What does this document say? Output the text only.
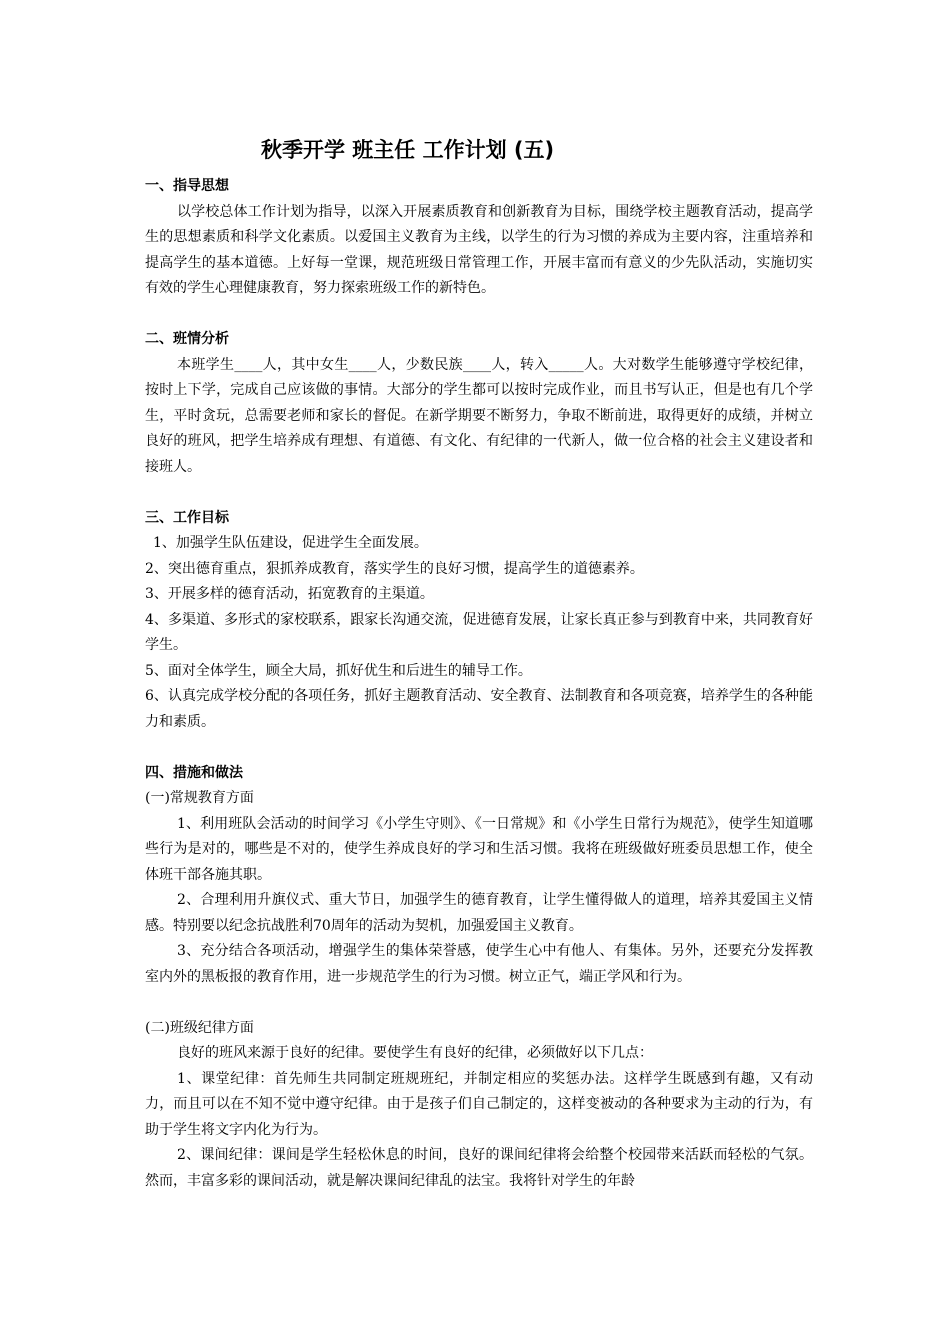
秋季开学 班主任 工作计划 (五)

一、指导思想

以学校总体工作计划为指导，以深入开展素质教育和创新教育为目标，围绕学校主题教育活动，提高学生的思想素质和科学文化素质。以爱国主义教育为主线，以学生的行为习惯的养成为主要内容，注重培养和提高学生的基本道德。上好每一堂课，规范班级日常管理工作，开展丰富而有意义的少先队活动，实施切实有效的学生心理健康教育，努力探索班级工作的新特色。

二、班情分析

本班学生____人，其中女生____人，少数民族____人，转入_____人。大对数学生能够遵守学校纪律，按时上下学，完成自己应该做的事情。大部分的学生都可以按时完成作业，而且书写认正，但是也有几个学生，平时贪玩，总需要老师和家长的督促。在新学期要不断努力，争取不断前进，取得更好的成绩，并树立良好的班风，把学生培养成有理想、有道德、有文化、有纪律的一代新人，做一位合格的社会主义建设者和接班人。

三、工作目标

1、加强学生队伍建设，促进学生全面发展。

2、突出德育重点，狠抓养成教育，落实学生的良好习惯，提高学生的道德素养。

3、开展多样的德育活动，拓宽教育的主渠道。

4、多渠道、多形式的家校联系，跟家长沟通交流，促进德育发展，让家长真正参与到教育中来，共同教育好学生。

5、面对全体学生，顾全大局，抓好优生和后进生的辅导工作。

6、认真完成学校分配的各项任务，抓好主题教育活动、安全教育、法制教育和各项竞赛，培养学生的各种能力和素质。

四、措施和做法

(一)常规教育方面

1、利用班队会活动的时间学习《小学生守则》、《一日常规》和《小学生日常行为规范》，使学生知道哪些行为是对的，哪些是不对的，使学生养成良好的学习和生活习惯。我将在班级做好班委员思想工作，使全体班干部各施其职。

2、合理利用升旗仪式、重大节日，加强学生的德育教育，让学生懂得做人的道理，培养其爱国主义情感。特别要以纪念抗战胜利70周年的活动为契机，加强爱国主义教育。

3、充分结合各项活动，增强学生的集体荣誉感，使学生心中有他人、有集体。另外，还要充分发挥教室内外的黑板报的教育作用，进一步规范学生的行为习惯。树立正气，端正学风和行为。

(二)班级纪律方面

良好的班风来源于良好的纪律。要使学生有良好的纪律，必须做好以下几点：

1、课堂纪律：首先师生共同制定班规班纪，并制定相应的奖惩办法。这样学生既感到有趣，又有动力，而且可以在不知不觉中遵守纪律。由于是孩子们自己制定的，这样变被动的各种要求为主动的行为，有助于学生将文字内化为行为。

2、课间纪律：课间是学生轻松休息的时间，良好的课间纪律将会给整个校园带来活跃而轻松的气氛。然而，丰富多彩的课间活动，就是解决课间纪律乱的法宝。我将针对学生的年龄
